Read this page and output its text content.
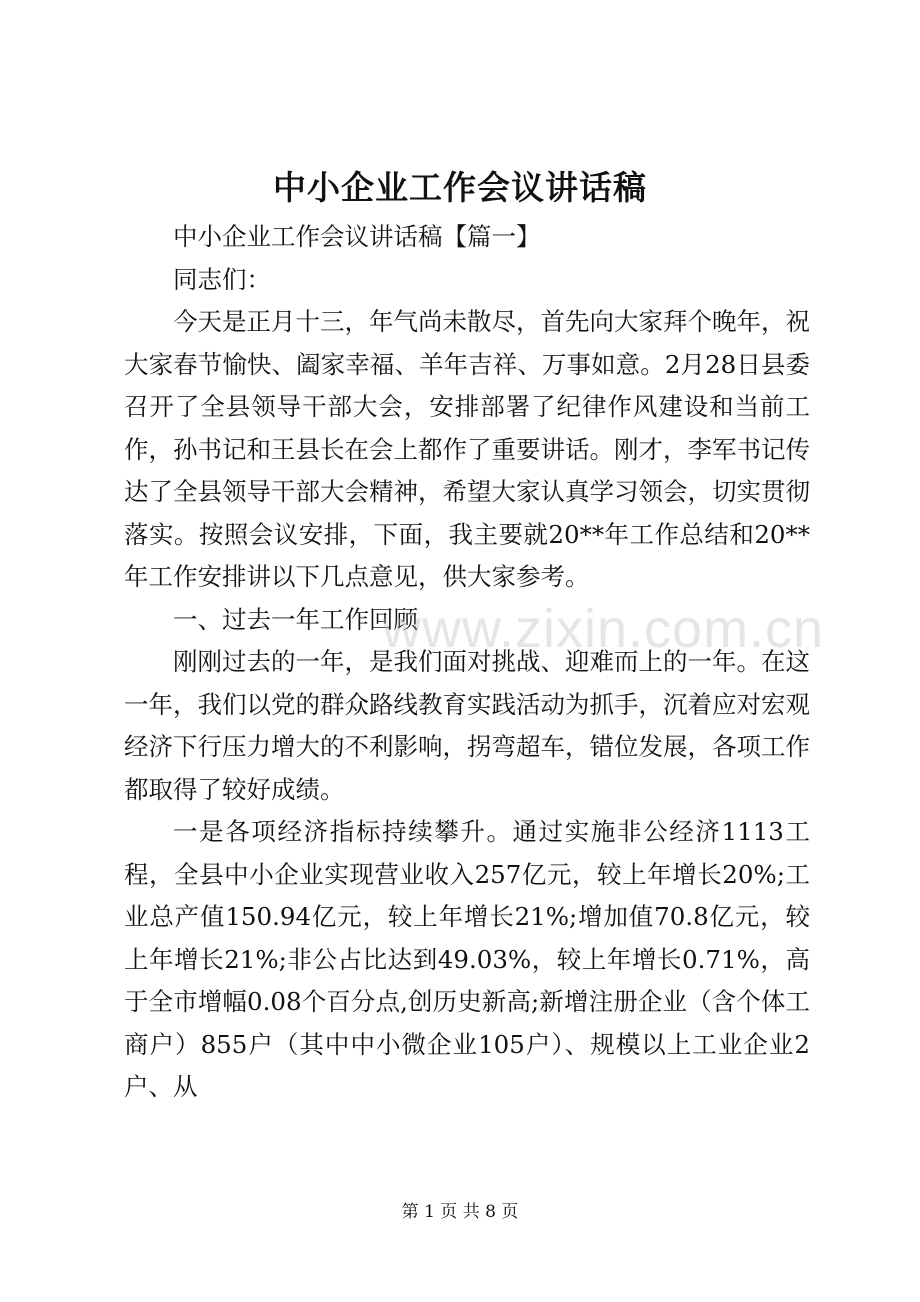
中小企业工作会议讲话稿

中小企业工作会议讲话稿【篇一】

同志们：

今天是正月十三，年气尚未散尽，首先向大家拜个晚年，祝大家春节愉快、阖家幸福、羊年吉祥、万事如意。2月28日县委召开了全县领导干部大会，安排部署了纪律作风建设和当前工作，孙书记和王县长在会上都作了重要讲话。刚才，李军书记传达了全县领导干部大会精神，希望大家认真学习领会，切实贯彻落实。按照会议安排，下面，我主要就20**年工作总结和20**年工作安排讲以下几点意见，供大家参考。

一、过去一年工作回顾

刚刚过去的一年，是我们面对挑战、迎难而上的一年。在这一年，我们以党的群众路线教育实践活动为抓手，沉着应对宏观经济下行压力增大的不利影响，拐弯超车，错位发展，各项工作都取得了较好成绩。

一是各项经济指标持续攀升。通过实施非公经济1113工程，全县中小企业实现营业收入257亿元，较上年增长20%;工业总产值150.94亿元，较上年增长21%;增加值70.8亿元，较上年增长21%;非公占比达到49.03%，较上年增长0.71%，高于全市增幅0.08个百分点,创历史新高;新增注册企业（含个体工商户）855户（其中中小微企业105户）、规模以上工业企业2户、从

www.zixin.com.cn
第 1 页 共 8 页
